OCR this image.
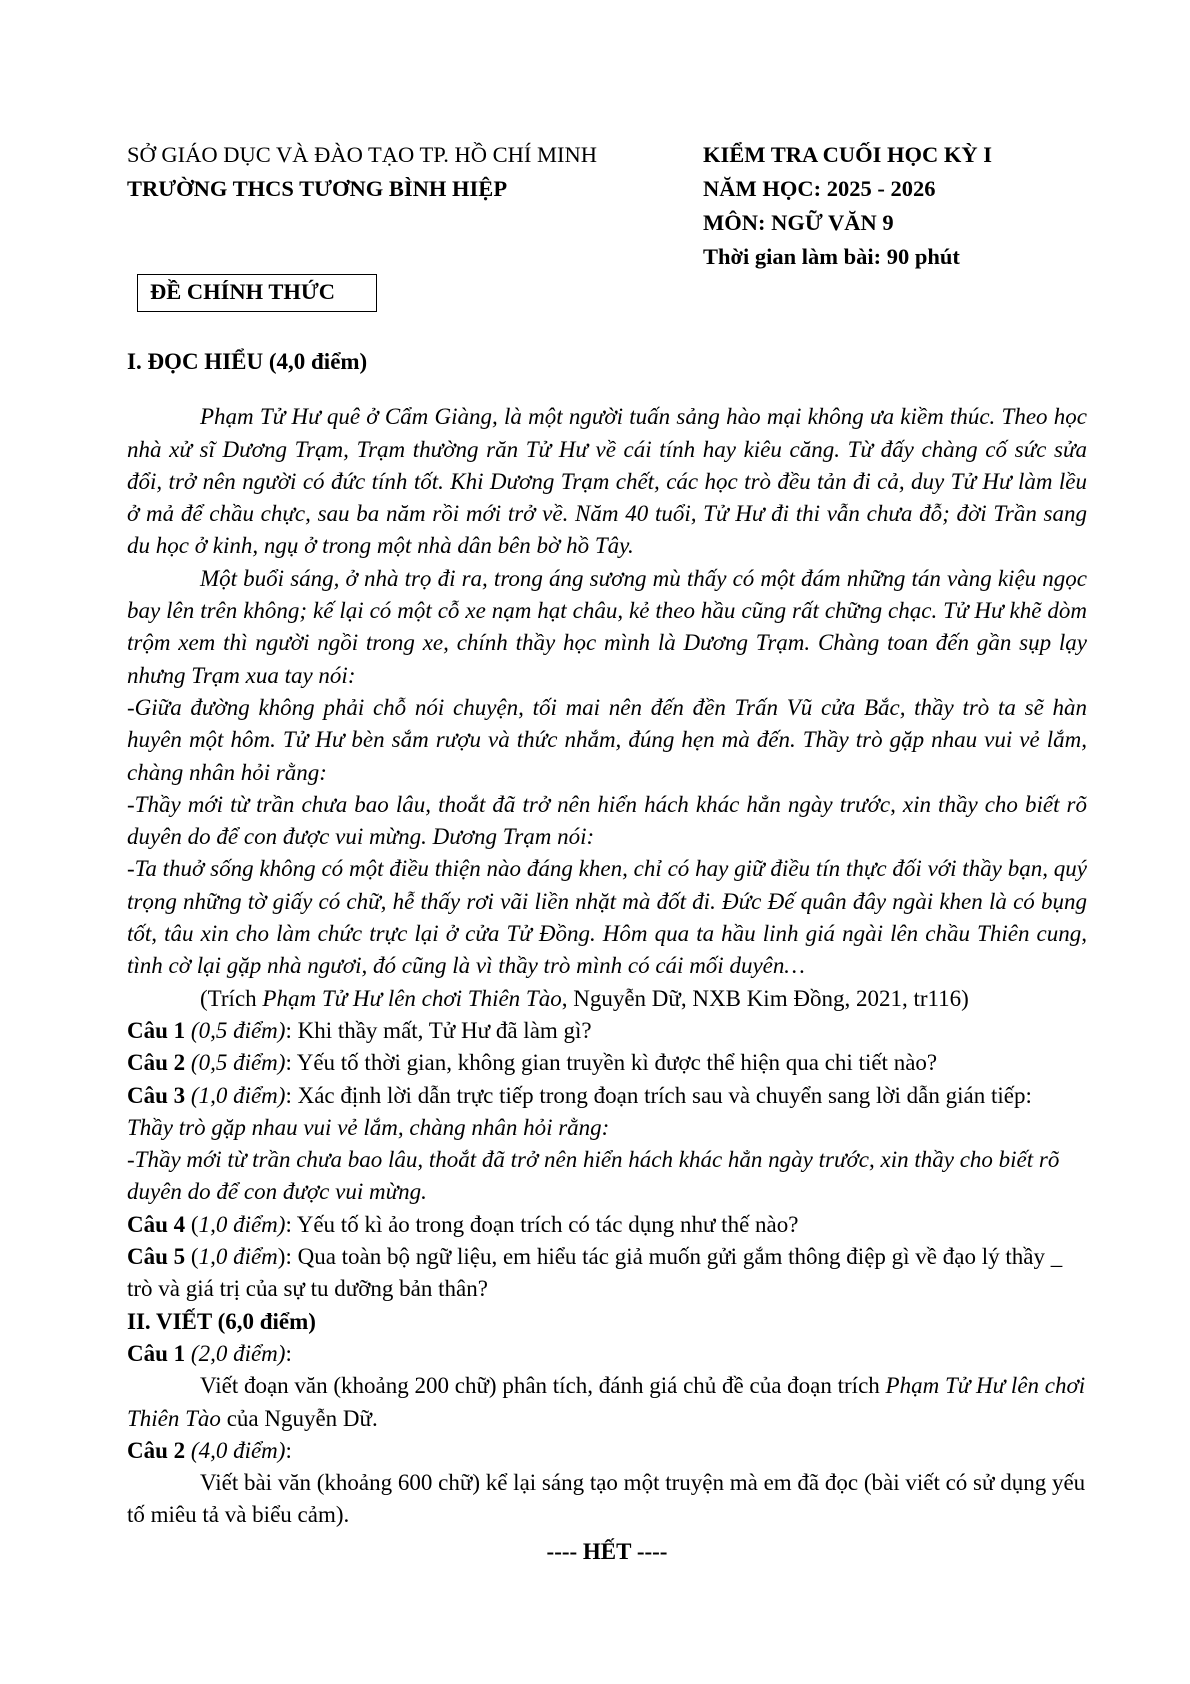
SỞ GIÁO DỤC VÀ ĐÀO TẠO TP. HỒ CHÍ MINH
TRƯỜNG THCS TƯƠNG BÌNH HIỆP
KIỂM TRA CUỐI HỌC KỲ I
NĂM HỌC: 2025 - 2026
MÔN: NGỮ VĂN 9
Thời gian làm bài: 90 phút
ĐỀ CHÍNH THỨC

I. ĐỌC HIỂU (4,0 điểm)

Phạm Tử Hư quê ở Cẩm Giàng, là một người tuấn sảng hào mại không ưa kiềm thúc. Theo học nhà xử sĩ Dương Trạm, Trạm thường răn Tử Hư về cái tính hay kiêu căng. Từ đấy chàng cố sức sửa đổi, trở nên người có đức tính tốt. Khi Dương Trạm chết, các học trò đều tản đi cả, duy Tử Hư làm lều ở mả để chầu chực, sau ba năm rồi mới trở về. Năm 40 tuổi, Tử Hư đi thi vẫn chưa đỗ; đời Trần sang du học ở kinh, ngụ ở trong một nhà dân bên bờ hồ Tây.

Một buổi sáng, ở nhà trọ đi ra, trong áng sương mù thấy có một đám những tán vàng kiệu ngọc bay lên trên không; kế lại có một cỗ xe nạm hạt châu, kẻ theo hầu cũng rất chững chạc. Tử Hư khẽ dòm trộm xem thì người ngồi trong xe, chính thầy học mình là Dương Trạm. Chàng toan đến gần sụp lạy nhưng Trạm xua tay nói:

-Giữa đường không phải chỗ nói chuyện, tối mai nên đến đền Trấn Vũ cửa Bắc, thầy trò ta sẽ hàn huyên một hôm. Tử Hư bèn sắm rượu và thức nhắm, đúng hẹn mà đến. Thầy trò gặp nhau vui vẻ lắm, chàng nhân hỏi rằng:

-Thầy mới từ trần chưa bao lâu, thoắt đã trở nên hiển hách khác hẳn ngày trước, xin thầy cho biết rõ duyên do để con được vui mừng. Dương Trạm nói:

-Ta thuở sống không có một điều thiện nào đáng khen, chỉ có hay giữ điều tín thực đối với thầy bạn, quý trọng những tờ giấy có chữ, hễ thấy rơi vãi liền nhặt mà đốt đi. Đức Đế quân đây ngài khen là có bụng tốt, tâu xin cho làm chức trực lại ở cửa Tử Đồng. Hôm qua ta hầu linh giá ngài lên chầu Thiên cung, tình cờ lại gặp nhà ngươi, đó cũng là vì thầy trò mình có cái mối duyên…

(Trích Phạm Tử Hư lên chơi Thiên Tào, Nguyễn Dữ, NXB Kim Đồng, 2021, tr116)

Câu 1 (0,5 điểm): Khi thầy mất, Tử Hư đã làm gì?

Câu 2 (0,5 điểm): Yếu tố thời gian, không gian truyền kì được thể hiện qua chi tiết nào?

Câu 3 (1,0 điểm): Xác định lời dẫn trực tiếp trong đoạn trích sau và chuyển sang lời dẫn gián tiếp:

Thầy trò gặp nhau vui vẻ lắm, chàng nhân hỏi rằng:

-Thầy mới từ trần chưa bao lâu, thoắt đã trở nên hiển hách khác hẳn ngày trước, xin thầy cho biết rõ duyên do để con được vui mừng.

Câu 4 (1,0 điểm): Yếu tố kì ảo trong đoạn trích có tác dụng như thế nào?

Câu 5 (1,0 điểm): Qua toàn bộ ngữ liệu, em hiểu tác giả muốn gửi gắm thông điệp gì về đạo lý thầy _ trò và giá trị của sự tu dưỡng bản thân?

II. VIẾT (6,0 điểm)

Câu 1 (2,0 điểm):

Viết đoạn văn (khoảng 200 chữ) phân tích, đánh giá chủ đề của đoạn trích Phạm Tử Hư lên chơi Thiên Tào của Nguyễn Dữ.

Câu 2 (4,0 điểm):

Viết bài văn (khoảng 600 chữ) kể lại sáng tạo một truyện mà em đã đọc (bài viết có sử dụng yếu tố miêu tả và biểu cảm).

---- HẾT ----
